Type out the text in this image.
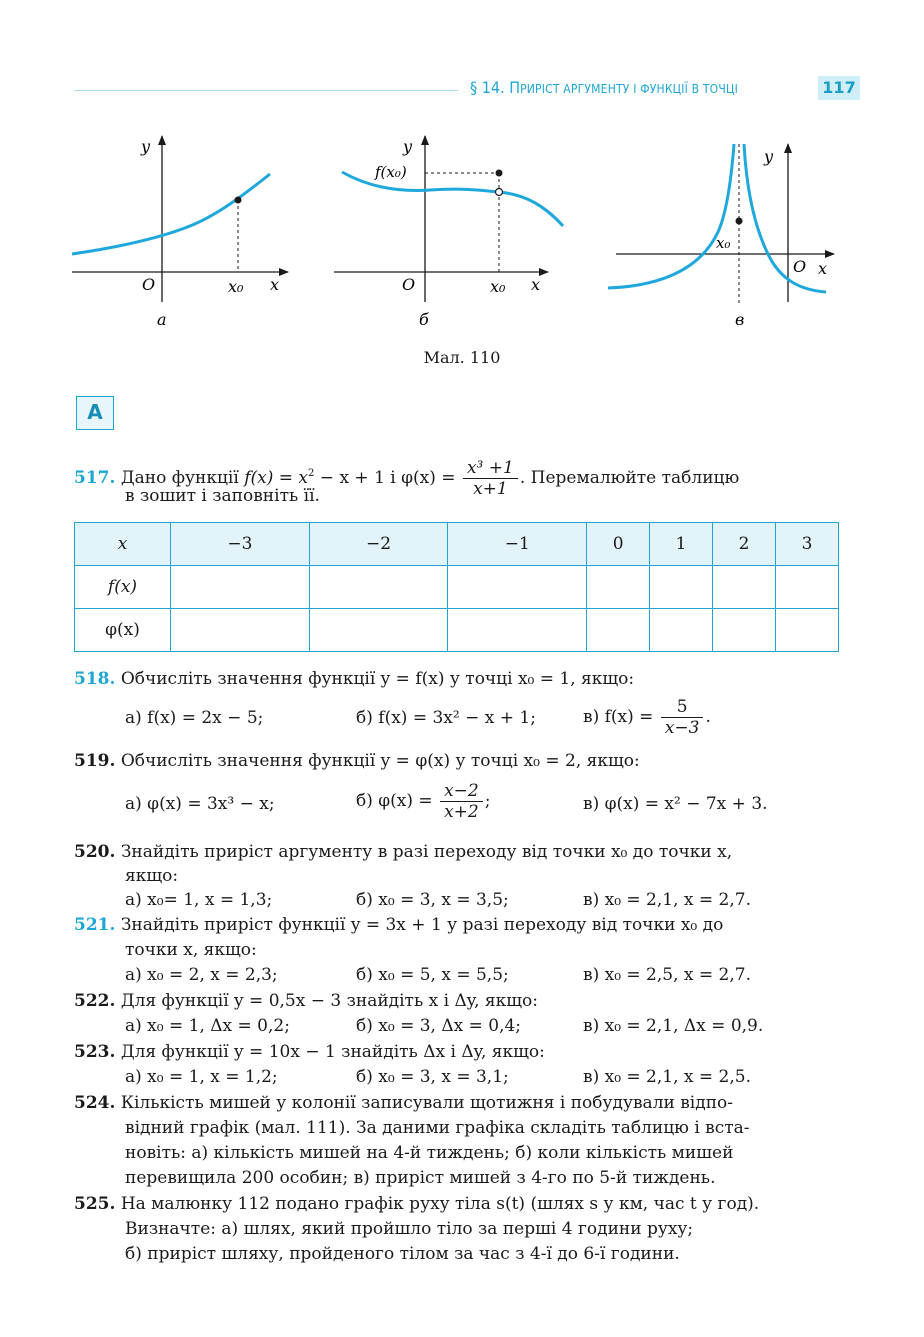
§ 14. ПРИРІСТ АРГУМЕНТУ І ФУНКЦІЇ В ТОЧЦІ	117
y
x
O	x₀
а
y
f(x₀)
x
O	x₀
б
y
x
O
x₀
в
Мал. 110
А
517. Дано функції $f(x) = x^2 - x + 1$ і $\varphi(x) = \frac{\text{x³ +1}}{x+1}$ . Перемалюйте таблицю
в зошит і заповніть її.
x	−3	−2	−1	0	1	2	3
f(x)							
φ(x)							
518. Обчисліть значення функції y = f(x) у точці x₀ = 1, якщо:
а) f(x) = 2x − 5;	б) f(x) = 3x² − x + 1;	в) $f(x) = \frac{5}{x-3}$ .
519. Обчисліть значення функції y = φ(x) у точці x₀ = 2, якщо:
а) φ(x) = 3x³ − x;	б) $\varphi(x) = \frac{x-2}{x+2}$ ;	в) φ(x) = x² − 7x + 3.
520. Знайдіть приріст аргументу в разі переходу від точки x₀ до точки x,
якщо:
а) x₀= 1, x = 1,3;	б) x₀ = 3, x = 3,5;	в) x₀ = 2,1, x = 2,7.
521. Знайдіть приріст функції y = 3x + 1 у разі переходу від точки x₀ до
точки x, якщо:
а) x₀ = 2, x = 2,3;	б) x₀ = 5, x = 5,5;	в) x₀ = 2,5, x = 2,7.
522. Для функції y = 0,5x − 3 знайдіть x і Δy, якщо:
а) x₀ = 1, Δx = 0,2;	б) x₀ = 3, Δx = 0,4;	в) x₀ = 2,1, Δx = 0,9.
523. Для функції y = 10x − 1 знайдіть Δx і Δy, якщо:
а) x₀ = 1, x = 1,2;	б) x₀ = 3, x = 3,1;	в) x₀ = 2,1, x = 2,5.
524. Кількість мишей у колонії записували щотижня і побудували відпо-
відний графік (мал. 111). За даними графіка складіть таблицю і вста-
новіть: а) кількість мишей на 4-й тиждень; б) коли кількість мишей
перевищила 200 особин; в) приріст мишей з 4-го по 5-й тиждень.
525. На малюнку 112 подано графік руху тіла s(t) (шлях s у км, час t у год).
Визначте: а) шлях, який пройшло тіло за перші 4 години руху;
б) приріст шляху, пройденого тілом за час з 4-ї до 6-ї години.
